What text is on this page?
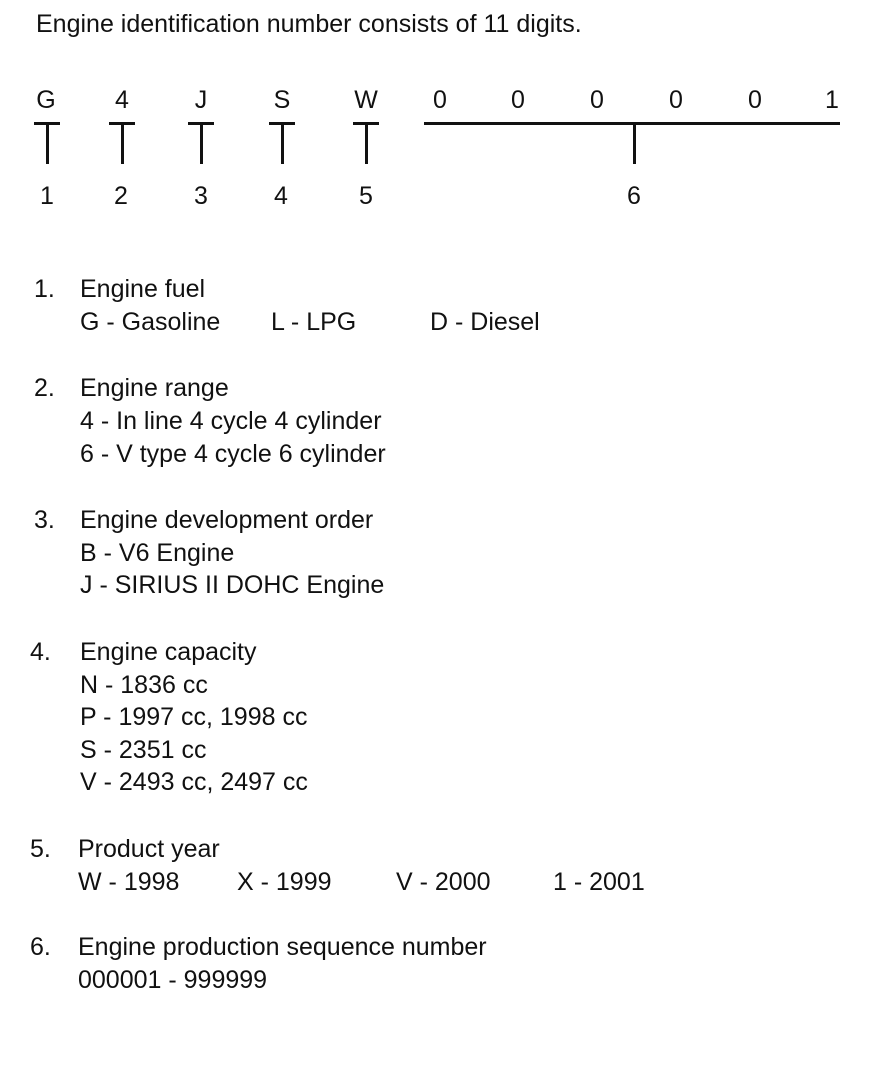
Engine identification number consists of 11 digits.
G 4	J	S	W 0	0	0	0	0	1
1 2	3	4	5	6
1. Engine fuel
G - Gasoline L - LPG	D - Diesel
2. Engine range
4 - In line 4 cycle 4 cylinder
6 - V type 4 cycle 6 cylinder
3. Engine development order
B - V6 Engine
J - SIRIUS II DOHC Engine
4. Engine capacity
N - 1836 cc
P - 1997 cc, 1998 cc
S - 2351 cc
V - 2493 cc, 2497 cc
5. Product year
W - 1998 X - 1999	V - 2000 1 - 2001
6. Engine production sequence number
000001 - 999999
